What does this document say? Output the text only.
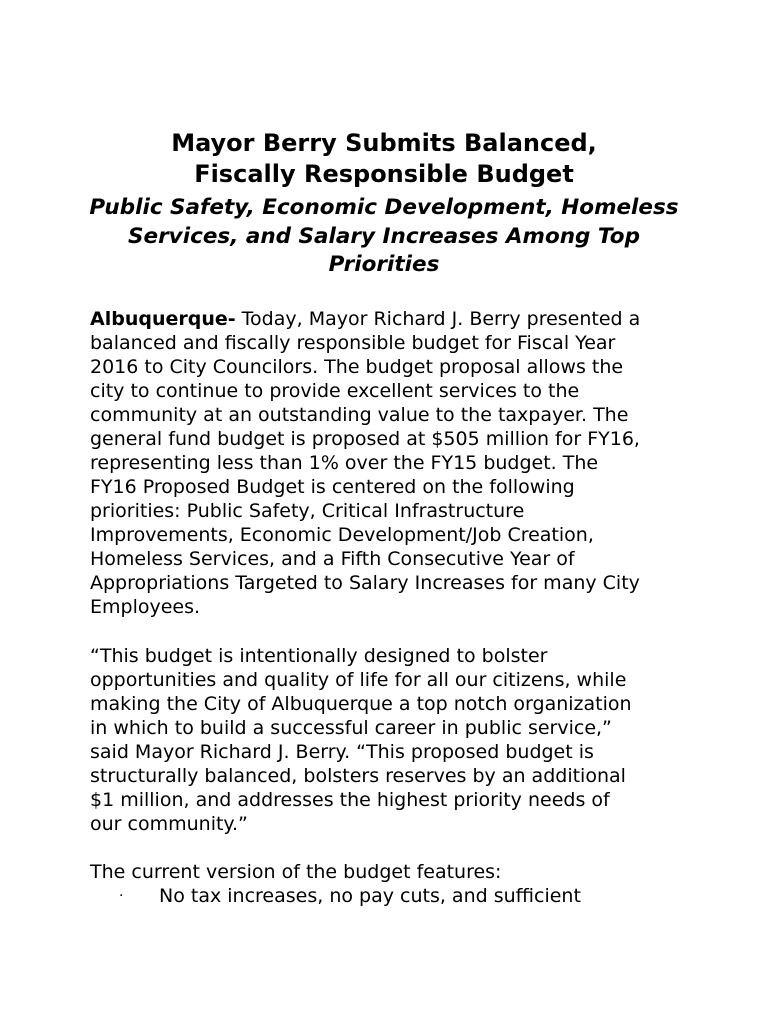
Mayor Berry Submits Balanced,
Fiscally Responsible Budget
Public Safety, Economic Development, Homeless
Services, and Salary Increases Among Top
Priorities
Albuquerque- Today, Mayor Richard J. Berry presented a
balanced and fiscally responsible budget for Fiscal Year
2016 to City Councilors. The budget proposal allows the
city to continue to provide excellent services to the
community at an outstanding value to the taxpayer. The
general fund budget is proposed at $505 million for FY16,
representing less than 1% over the FY15 budget. The
FY16 Proposed Budget is centered on the following
priorities: Public Safety, Critical Infrastructure
Improvements, Economic Development/Job Creation,
Homeless Services, and a Fifth Consecutive Year of
Appropriations Targeted to Salary Increases for many City
Employees.
“This budget is intentionally designed to bolster
opportunities and quality of life for all our citizens, while
making the City of Albuquerque a top notch organization
in which to build a successful career in public service,”
said Mayor Richard J. Berry. “This proposed budget is
structurally balanced, bolsters reserves by an additional
$1 million, and addresses the highest priority needs of
our community.”
The current version of the budget features:
· No tax increases, no pay cuts, and sufficient
